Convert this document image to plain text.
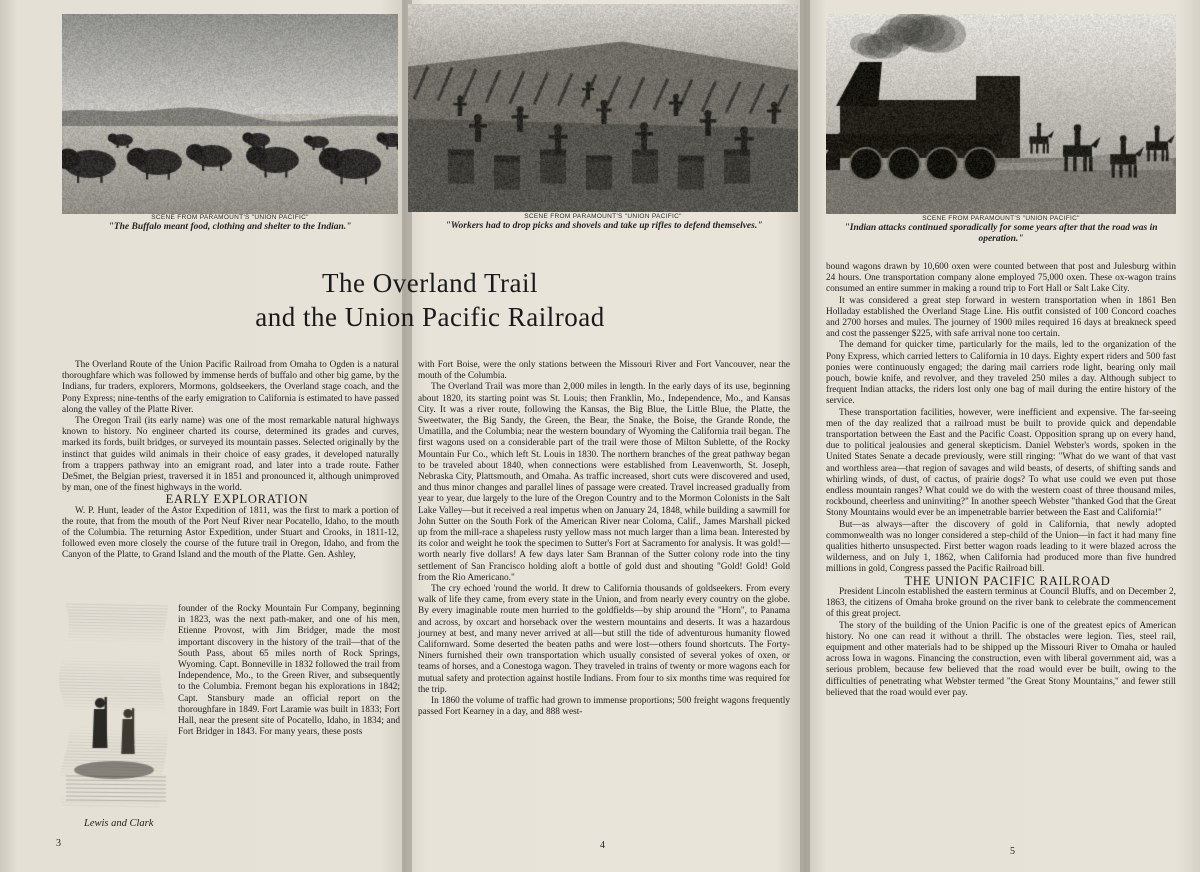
SCENE FROM PARAMOUNT'S "UNION PACIFIC"
"The Buffalo meant food, clothing and shelter to the Indian."
SCENE FROM PARAMOUNT'S "UNION PACIFIC"
"Workers had to drop picks and shovels and take up rifles to defend themselves."
SCENE FROM PARAMOUNT'S "UNION PACIFIC"
"Indian attacks continued sporadically for some years after that the road was in operation."
The Overland Trail
and the Union Pacific Railroad

The Overland Route of the Union Pacific Railroad from Omaha to Ogden is a natural thoroughfare which was followed by immense herds of buffalo and other big game, by the Indians, fur traders, explorers, Mormons, goldseekers, the Overland stage coach, and the Pony Express; nine-tenths of the early emigration to California is estimated to have passed along the valley of the Platte River.

The Oregon Trail (its early name) was one of the most remarkable natural highways known to history. No engineer charted its course, determined its grades and curves, marked its fords, built bridges, or surveyed its mountain passes. Selected originally by the instinct that guides wild animals in their choice of easy grades, it developed naturally from a trappers pathway into an emigrant road, and later into a trade route. Father DeSmet, the Belgian priest, traversed it in 1851 and pronounced it, although unimproved by man, one of the finest highways in the world.

EARLY EXPLORATION

W. P. Hunt, leader of the Astor Expedition of 1811, was the first to mark a portion of the route, that from the mouth of the Port Neuf River near Pocatello, Idaho, to the mouth of the Columbia. The returning Astor Expedition, under Stuart and Crooks, in 1811-12, followed even more closely the course of the future trail in Oregon, Idaho, and from the Canyon of the Platte, to Grand Island and the mouth of the Platte. Gen. Ashley,

Lewis and Clark

founder of the Rocky Mountain Fur Company, beginning in 1823, was the next path-maker, and one of his men, Etienne Provost, with Jim Bridger, made the most important discovery in the history of the trail—that of the South Pass, about 65 miles north of Rock Springs, Wyoming. Capt. Bonneville in 1832 followed the trail from Independence, Mo., to the Green River, and subsequently to the Columbia. Fremont began his explorations in 1842; Capt. Stansbury made an official report on the thoroughfare in 1849. Fort Laramie was built in 1833; Fort Hall, near the present site of Pocatello, Idaho, in 1834; and Fort Bridger in 1843. For many years, these posts

with Fort Boise, were the only stations between the Missouri River and Fort Vancouver, near the mouth of the Columbia.

The Overland Trail was more than 2,000 miles in length. In the early days of its use, beginning about 1820, its starting point was St. Louis; then Franklin, Mo., Independence, Mo., and Kansas City. It was a river route, following the Kansas, the Big Blue, the Little Blue, the Platte, the Sweetwater, the Big Sandy, the Green, the Bear, the Snake, the Boise, the Grande Ronde, the Umatilla, and the Columbia; near the western boundary of Wyoming the California trail began. The first wagons used on a considerable part of the trail were those of Milton Sublette, of the Rocky Mountain Fur Co., which left St. Louis in 1830. The northern branches of the great pathway began to be traveled about 1840, when connections were established from Leavenworth, St. Joseph, Nebraska City, Plattsmouth, and Omaha. As traffic increased, short cuts were discovered and used, and thus minor changes and parallel lines of passage were created. Travel increased gradually from year to year, due largely to the lure of the Oregon Country and to the Mormon Colonists in the Salt Lake Valley—but it received a real impetus when on January 24, 1848, while building a sawmill for John Sutter on the South Fork of the American River near Coloma, Calif., James Marshall picked up from the mill-race a shapeless rusty yellow mass not much larger than a lima bean. Interested by its color and weight he took the specimen to Sutter's Fort at Sacramento for analysis. It was gold!—worth nearly five dollars! A few days later Sam Brannan of the Sutter colony rode into the tiny settlement of San Francisco holding aloft a bottle of gold dust and shouting "Gold! Gold! Gold from the Rio Americano."

The cry echoed 'round the world. It drew to California thousands of goldseekers. From every walk of life they came, from every state in the Union, and from nearly every country on the globe. By every imaginable route men hurried to the goldfields—by ship around the "Horn", to Panama and across, by oxcart and horseback over the western mountains and deserts. It was a hazardous journey at best, and many never arrived at all—but still the tide of adventurous humanity flowed Californward. Some deserted the beaten paths and were lost—others found shortcuts. The Forty-Niners furnished their own transportation which usually consisted of several yokes of oxen, or teams of horses, and a Conestoga wagon. They traveled in trains of twenty or more wagons each for mutual safety and protection against hostile Indians. From four to six months time was required for the trip.

In 1860 the volume of traffic had grown to immense proportions; 500 freight wagons frequently passed Fort Kearney in a day, and 888 west-

bound wagons drawn by 10,600 oxen were counted between that post and Julesburg within 24 hours. One transportation company alone employed 75,000 oxen. These ox-wagon trains consumed an entire summer in making a round trip to Fort Hall or Salt Lake City.

It was considered a great step forward in western transportation when in 1861 Ben Holladay established the Overland Stage Line. His outfit consisted of 100 Concord coaches and 2700 horses and mules. The journey of 1900 miles required 16 days at breakneck speed and cost the passenger $225, with safe arrival none too certain.

The demand for quicker time, particularly for the mails, led to the organization of the Pony Express, which carried letters to California in 10 days. Eighty expert riders and 500 fast ponies were continuously engaged; the daring mail carriers rode light, bearing only mail pouch, bowie knife, and revolver, and they traveled 250 miles a day. Although subject to frequent Indian attacks, the riders lost only one bag of mail during the entire history of the service.

These transportation facilities, however, were inefficient and expensive. The far-seeing men of the day realized that a railroad must be built to provide quick and dependable transportation between the East and the Pacific Coast. Opposition sprang up on every hand, due to political jealousies and general skepticism. Daniel Webster's words, spoken in the United States Senate a decade previously, were still ringing: "What do we want of that vast and worthless area—that region of savages and wild beasts, of deserts, of shifting sands and whirling winds, of dust, of cactus, of prairie dogs? To what use could we even put those endless mountain ranges? What could we do with the western coast of three thousand miles, rockbound, cheerless and uninviting?" In another speech Webster "thanked God that the Great Stony Mountains would ever be an impenetrable barrier between the East and California!"

But—as always—after the discovery of gold in California, that newly adopted commonwealth was no longer considered a step-child of the Union—in fact it had many fine qualities hitherto unsuspected. First better wagon roads leading to it were blazed across the wilderness, and on July 1, 1862, when California had produced more than five hundred millions in gold, Congress passed the Pacific Railroad bill.

THE UNION PACIFIC RAILROAD

President Lincoln established the eastern terminus at Council Bluffs, and on December 2, 1863, the citizens of Omaha broke ground on the river bank to celebrate the commencement of this great project.

The story of the building of the Union Pacific is one of the greatest epics of American history. No one can read it without a thrill. The obstacles were legion. Ties, steel rail, equipment and other materials had to be shipped up the Missouri River to Omaha or hauled across Iowa in wagons. Financing the construction, even with liberal government aid, was a serious problem, because few believed that the road would ever be built, owing to the difficulties of penetrating what Webster termed "the Great Stony Mountains," and fewer still believed that the road would ever pay.

3	4
5
